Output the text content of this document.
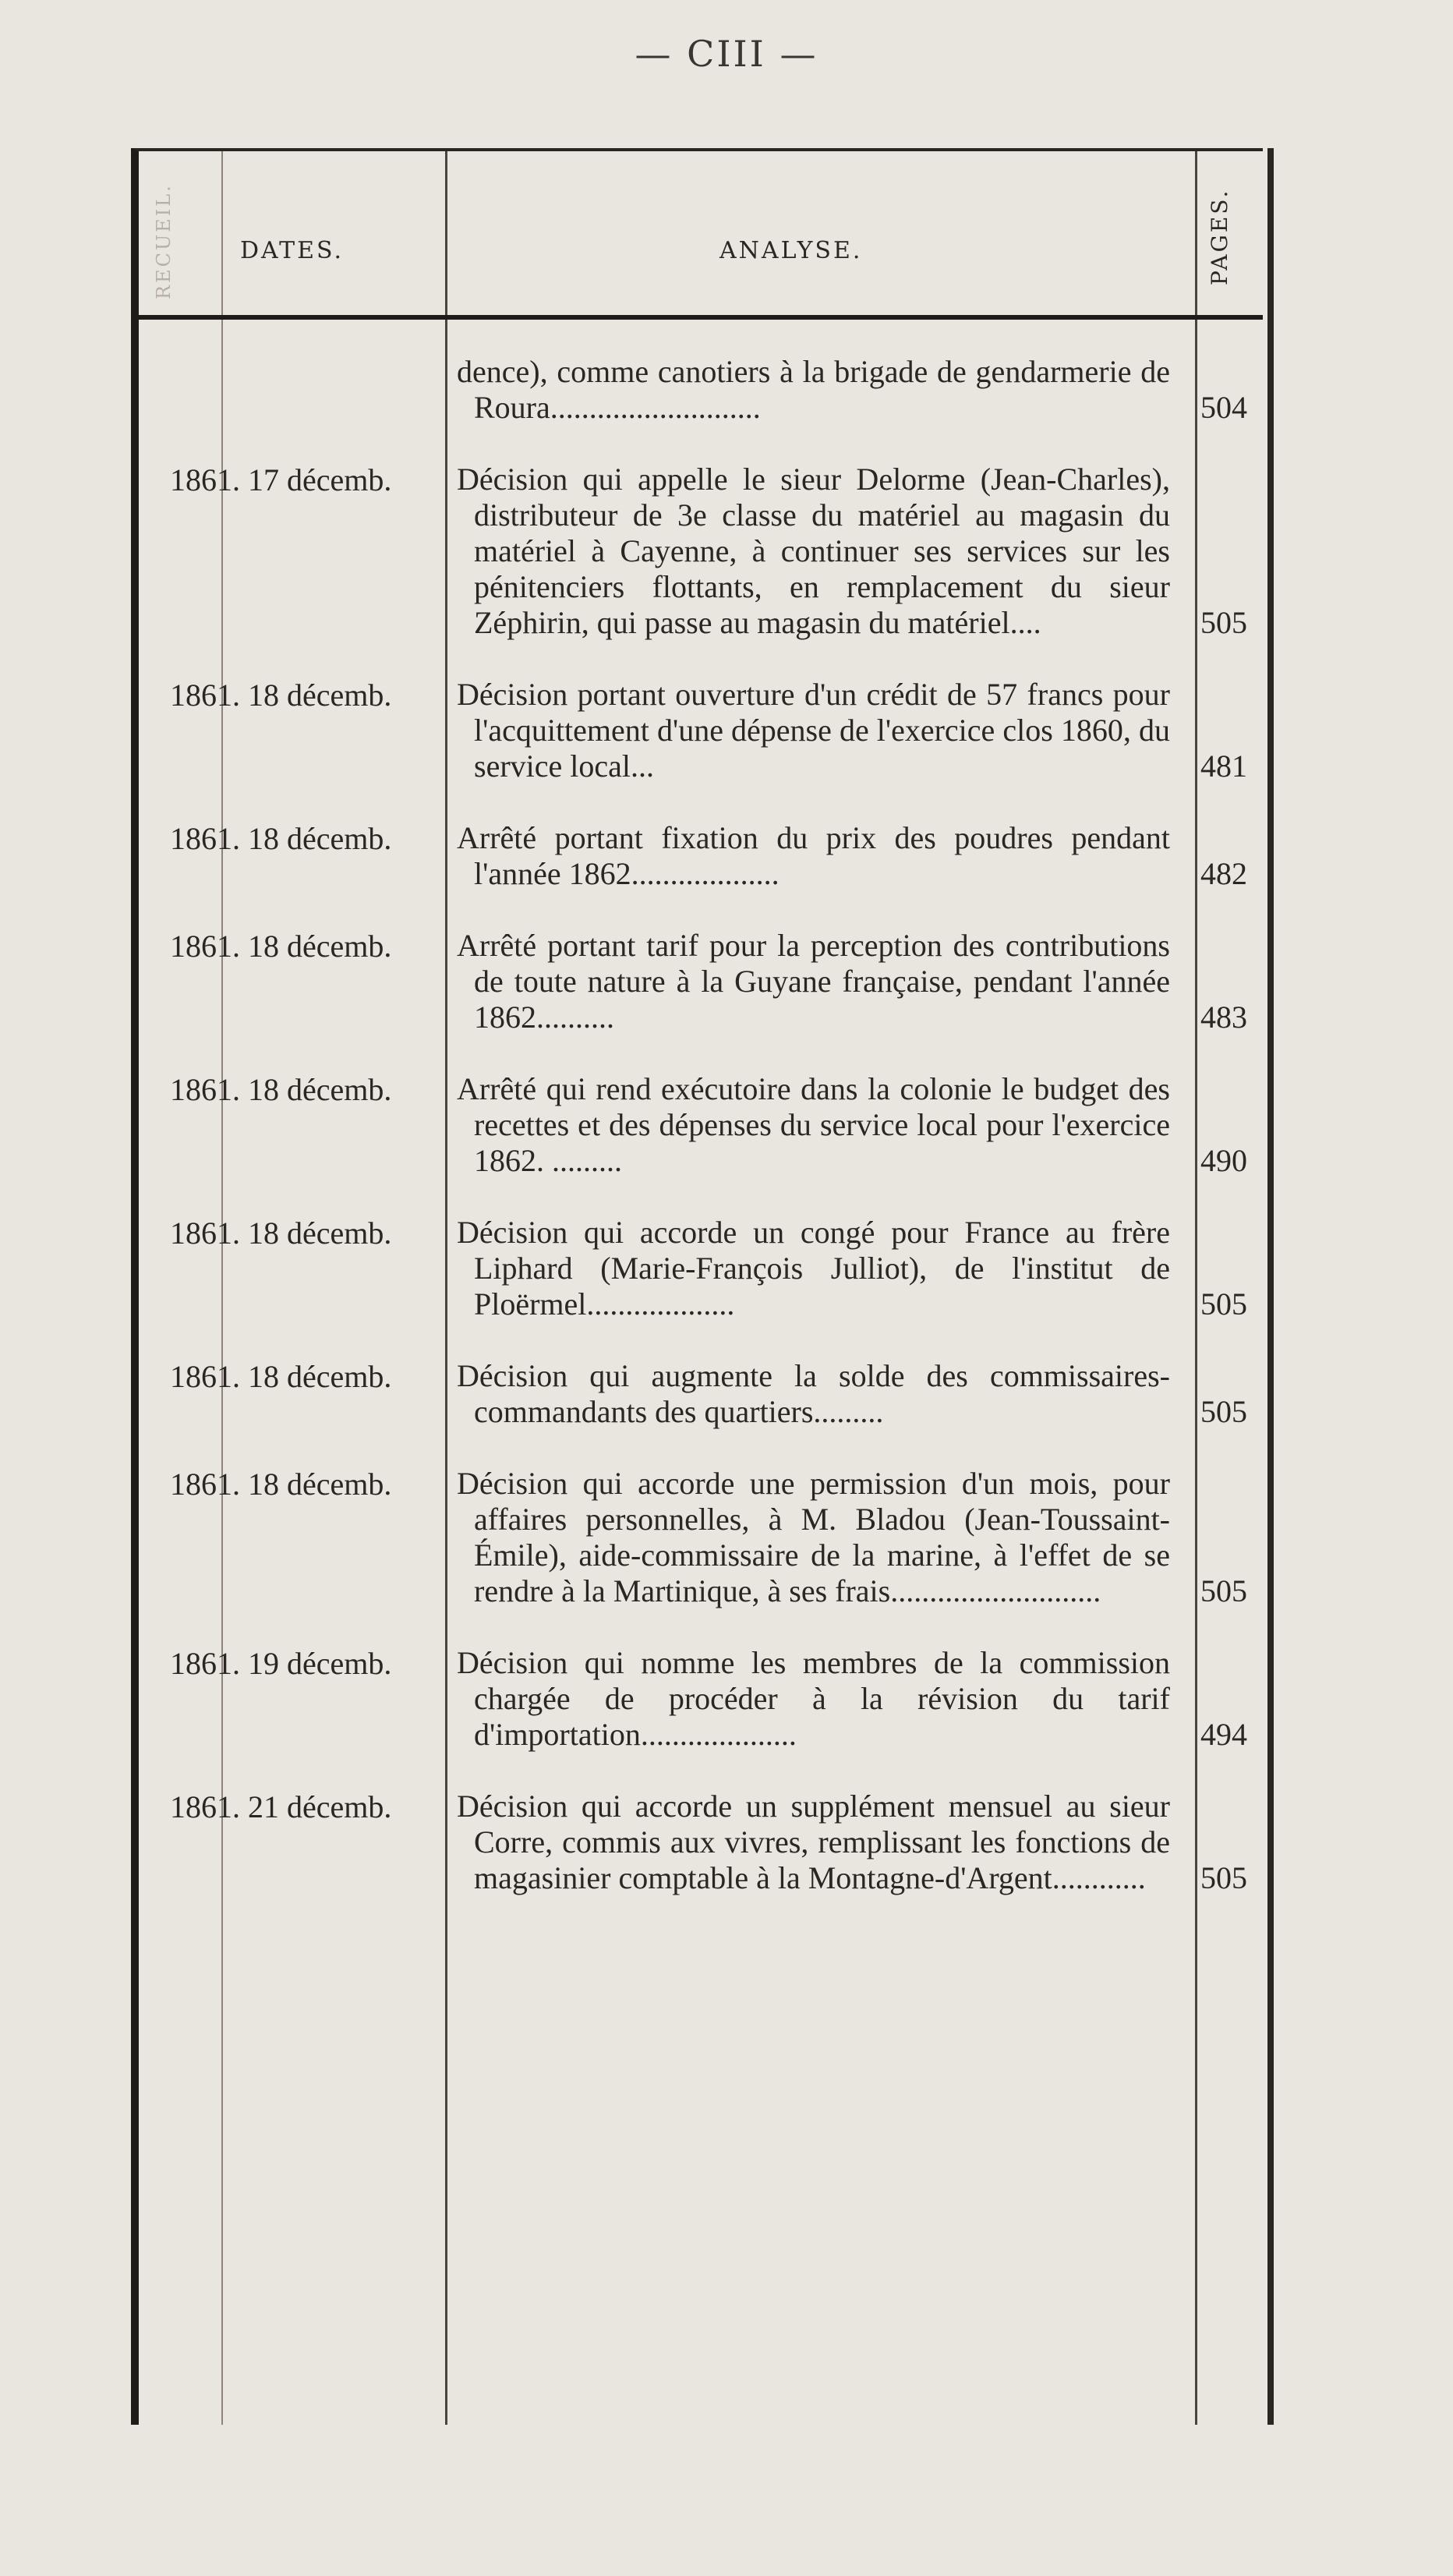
— CIII —
RECUEIL.	DATES.	ANALYSE.	PAGES.
dence), comme canotiers à la brigade de gendarmerie de Roura...........................	504
1861. 17 décemb.	Décision qui appelle le sieur Delorme (Jean-Charles), distributeur de 3e classe du matériel au magasin du matériel à Cayenne, à continuer ses services sur les pénitenciers flottants, en remplacement du sieur Zéphirin, qui passe au magasin du matériel....	505
1861. 18 décemb.	Décision portant ouverture d'un crédit de 57 francs pour l'acquittement d'une dépense de l'exercice clos 1860, du service local...	481
1861. 18 décemb.	Arrêté portant fixation du prix des poudres pendant l'année 1862...................	482
1861. 18 décemb.	Arrêté portant tarif pour la perception des contributions de toute nature à la Guyane française, pendant l'année 1862..........	483
1861. 18 décemb.	Arrêté qui rend exécutoire dans la colonie le budget des recettes et des dépenses du service local pour l'exercice 1862. .........	490
1861. 18 décemb.	Décision qui accorde un congé pour France au frère Liphard (Marie-François Julliot), de l'institut de Ploërmel...................	505
1861. 18 décemb.	Décision qui augmente la solde des commissaires-commandants des quartiers.........	505
1861. 18 décemb.	Décision qui accorde une permission d'un mois, pour affaires personnelles, à M. Bladou (Jean-Toussaint-Émile), aide-commissaire de la marine, à l'effet de se rendre à la Martinique, à ses frais...........................	505
1861. 19 décemb.	Décision qui nomme les membres de la commission chargée de procéder à la révision du tarif d'importation....................	494
1861. 21 décemb.	Décision qui accorde un supplément mensuel au sieur Corre, commis aux vivres, remplissant les fonctions de magasinier comptable à la Montagne-d'Argent............	505
